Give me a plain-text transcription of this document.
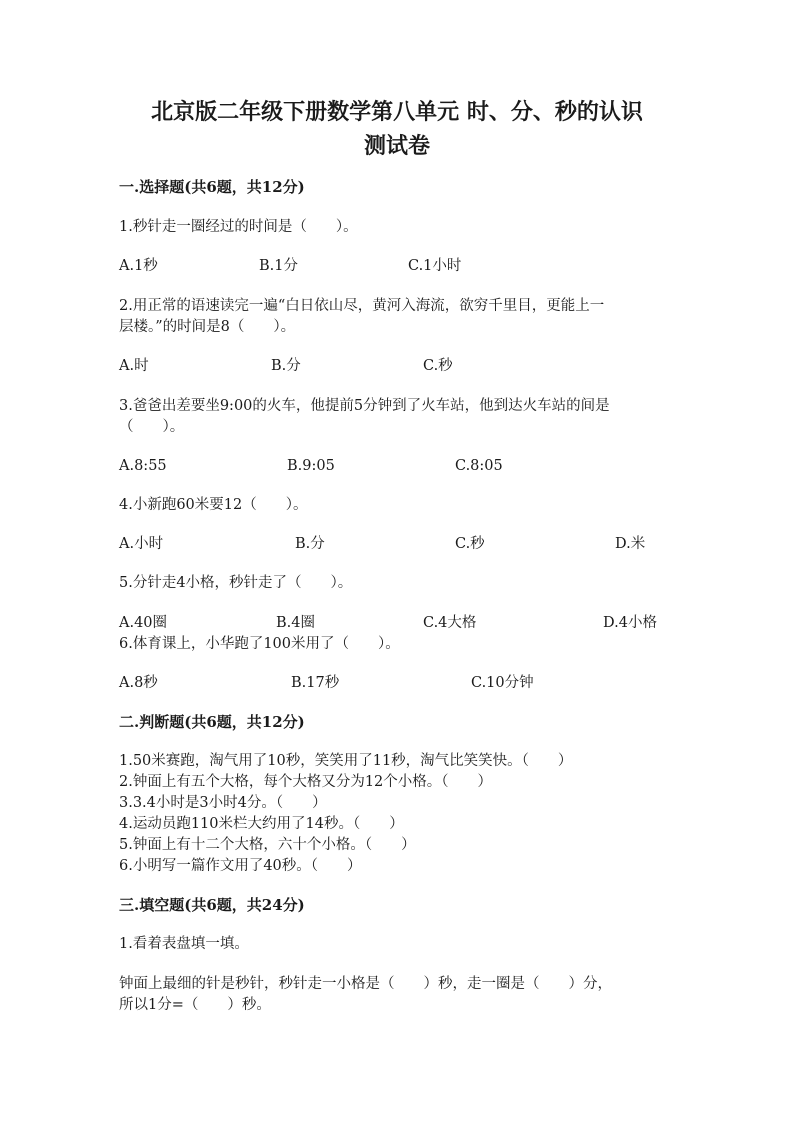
北京版二年级下册数学第八单元 时、分、秒的认识
测试卷
一.选择题(共6题，共12分)
1.秒针走一圈经过的时间是（　　）。
A.1秒	B.1分	C.1小时
2.用正常的语速读完一遍“白日依山尽，黄河入海流，欲穷千里目，更能上一
层楼。”的时间是8（　　）。
A.时	B.分	C.秒
3.爸爸出差要坐9:00的火车，他提前5分钟到了火车站，他到达火车站的间是
（　　）。
A.8:55	B.9:05	C.8:05
4.小新跑60米要12（　　）。
A.小时	B.分	C.秒	D.米
5.分针走4小格，秒针走了（　　）。
A.40圈	B.4圈	C.4大格	D.4小格
6.体育课上，小华跑了100米用了（　　）。
A.8秒	B.17秒	C.10分钟
二.判断题(共6题，共12分)
1.50米赛跑，淘气用了10秒，笑笑用了11秒，淘气比笑笑快。（　　）
2.钟面上有五个大格，每个大格又分为12个小格。（　　）
3.3.4小时是3小时4分。（　　）
4.运动员跑110米栏大约用了14秒。（　　）
5.钟面上有十二个大格，六十个小格。（　　）
6.小明写一篇作文用了40秒。（　　）
三.填空题(共6题，共24分)
1.看着表盘填一填。
钟面上最细的针是秒针，秒针走一小格是（　　）秒，走一圈是（　　）分，
所以1分=（　　）秒。
